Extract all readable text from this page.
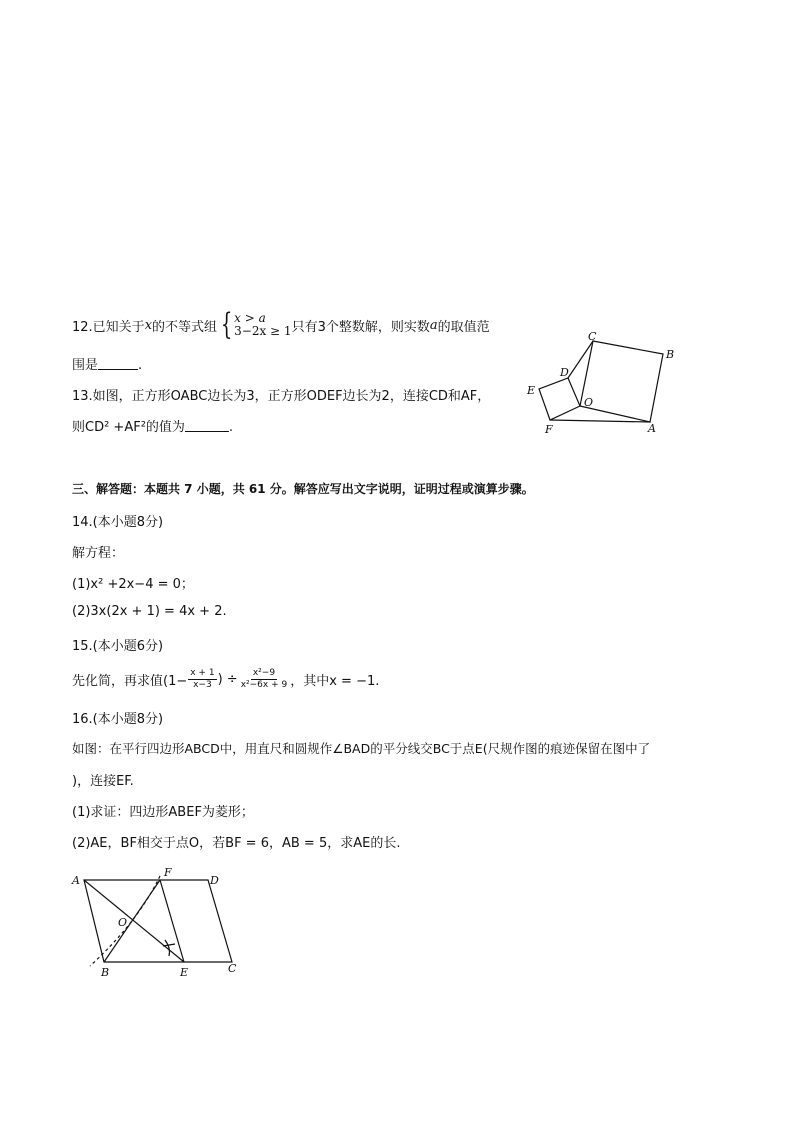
12.已知关于 x 的不等式组 { x > a
3−2x ≥ 1 只有3个整数解，则实数 a 的取值范
围是	.
13.如图，正方形OABC边长为3，正方形ODEF边长为2，连接CD和AF，
则CD² +AF²的值为	.
C
B
D
E
O
F	A
三、解答题：本题共 7 小题，共 61 分。解答应写出文字说明，证明过程或演算步骤。
14.(本小题8分)
解方程：
(1)x² +2x−4 = 0；
(2)3x(2x + 1) = 4x + 2.
15.(本小题6分)
先化简，再求值($1- \frac{x + 1}{x-3}$ ) ÷ $\frac{\text{x²−9}}{\text{x²−6x + 9}}$ ，其中x = −1.
16.(本小题8分)
如图：在平行四边形ABCD中，用直尺和圆规作∠BAD的平分线交BC于点E(尺规作图的痕迹保留在图中了
)，连接EF.
(1)求证：四边形ABEF为菱形；
(2)AE，BF相交于点O，若BF = 6，AB = 5，求AE的长.
A
F
D
O
B	E	C
